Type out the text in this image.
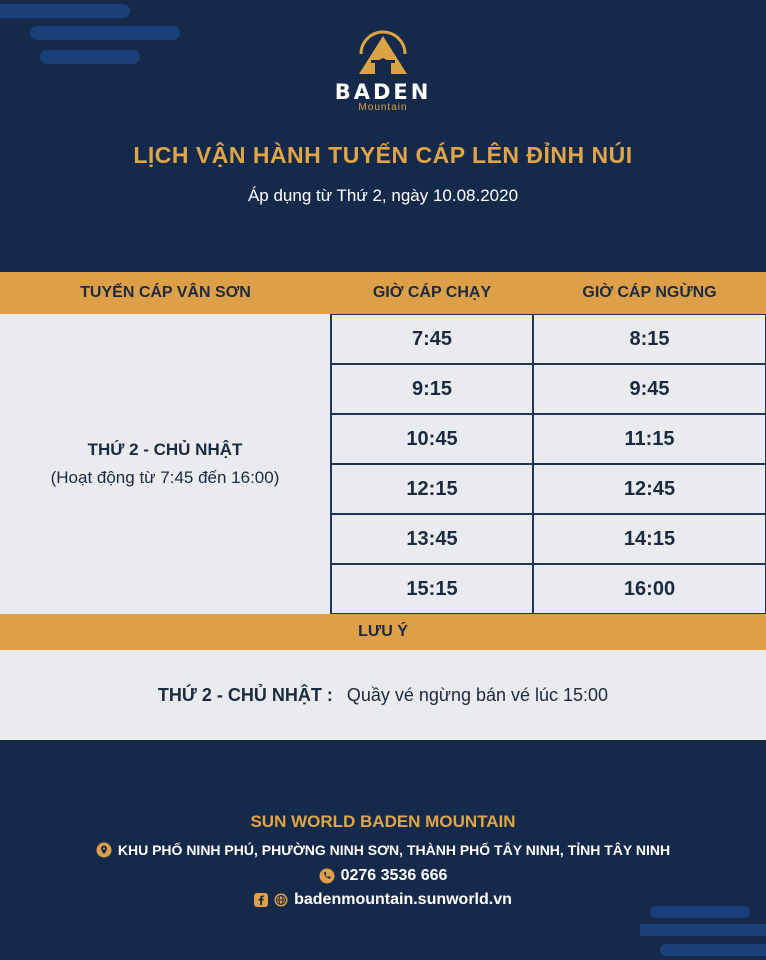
BADEN
Mountain
LỊCH VẬN HÀNH TUYẾN CÁP LÊN ĐỈNH NÚI
Áp dụng từ Thứ 2, ngày 10.08.2020
TUYẾN CÁP VÂN SƠN	GIỜ CÁP CHẠY	GIỜ CÁP NGỪNG
THỨ 2 - CHỦ NHẬT
(Hoạt động từ 7:45 đến 16:00)
7:45	8:15
9:15	9:45
10:45	11:15
12:15	12:45
13:45	14:15
15:15	16:00
LƯU Ý
THỨ 2 - CHỦ NHẬT : Quầy vé ngừng bán vé lúc 15:00
SUN WORLD BADEN MOUNTAIN
KHU PHỐ NINH PHÚ, PHƯỜNG NINH SƠN, THÀNH PHỐ TÂY NINH, TỈNH TÂY NINH
0276 3536 666
badenmountain.sunworld.vn
